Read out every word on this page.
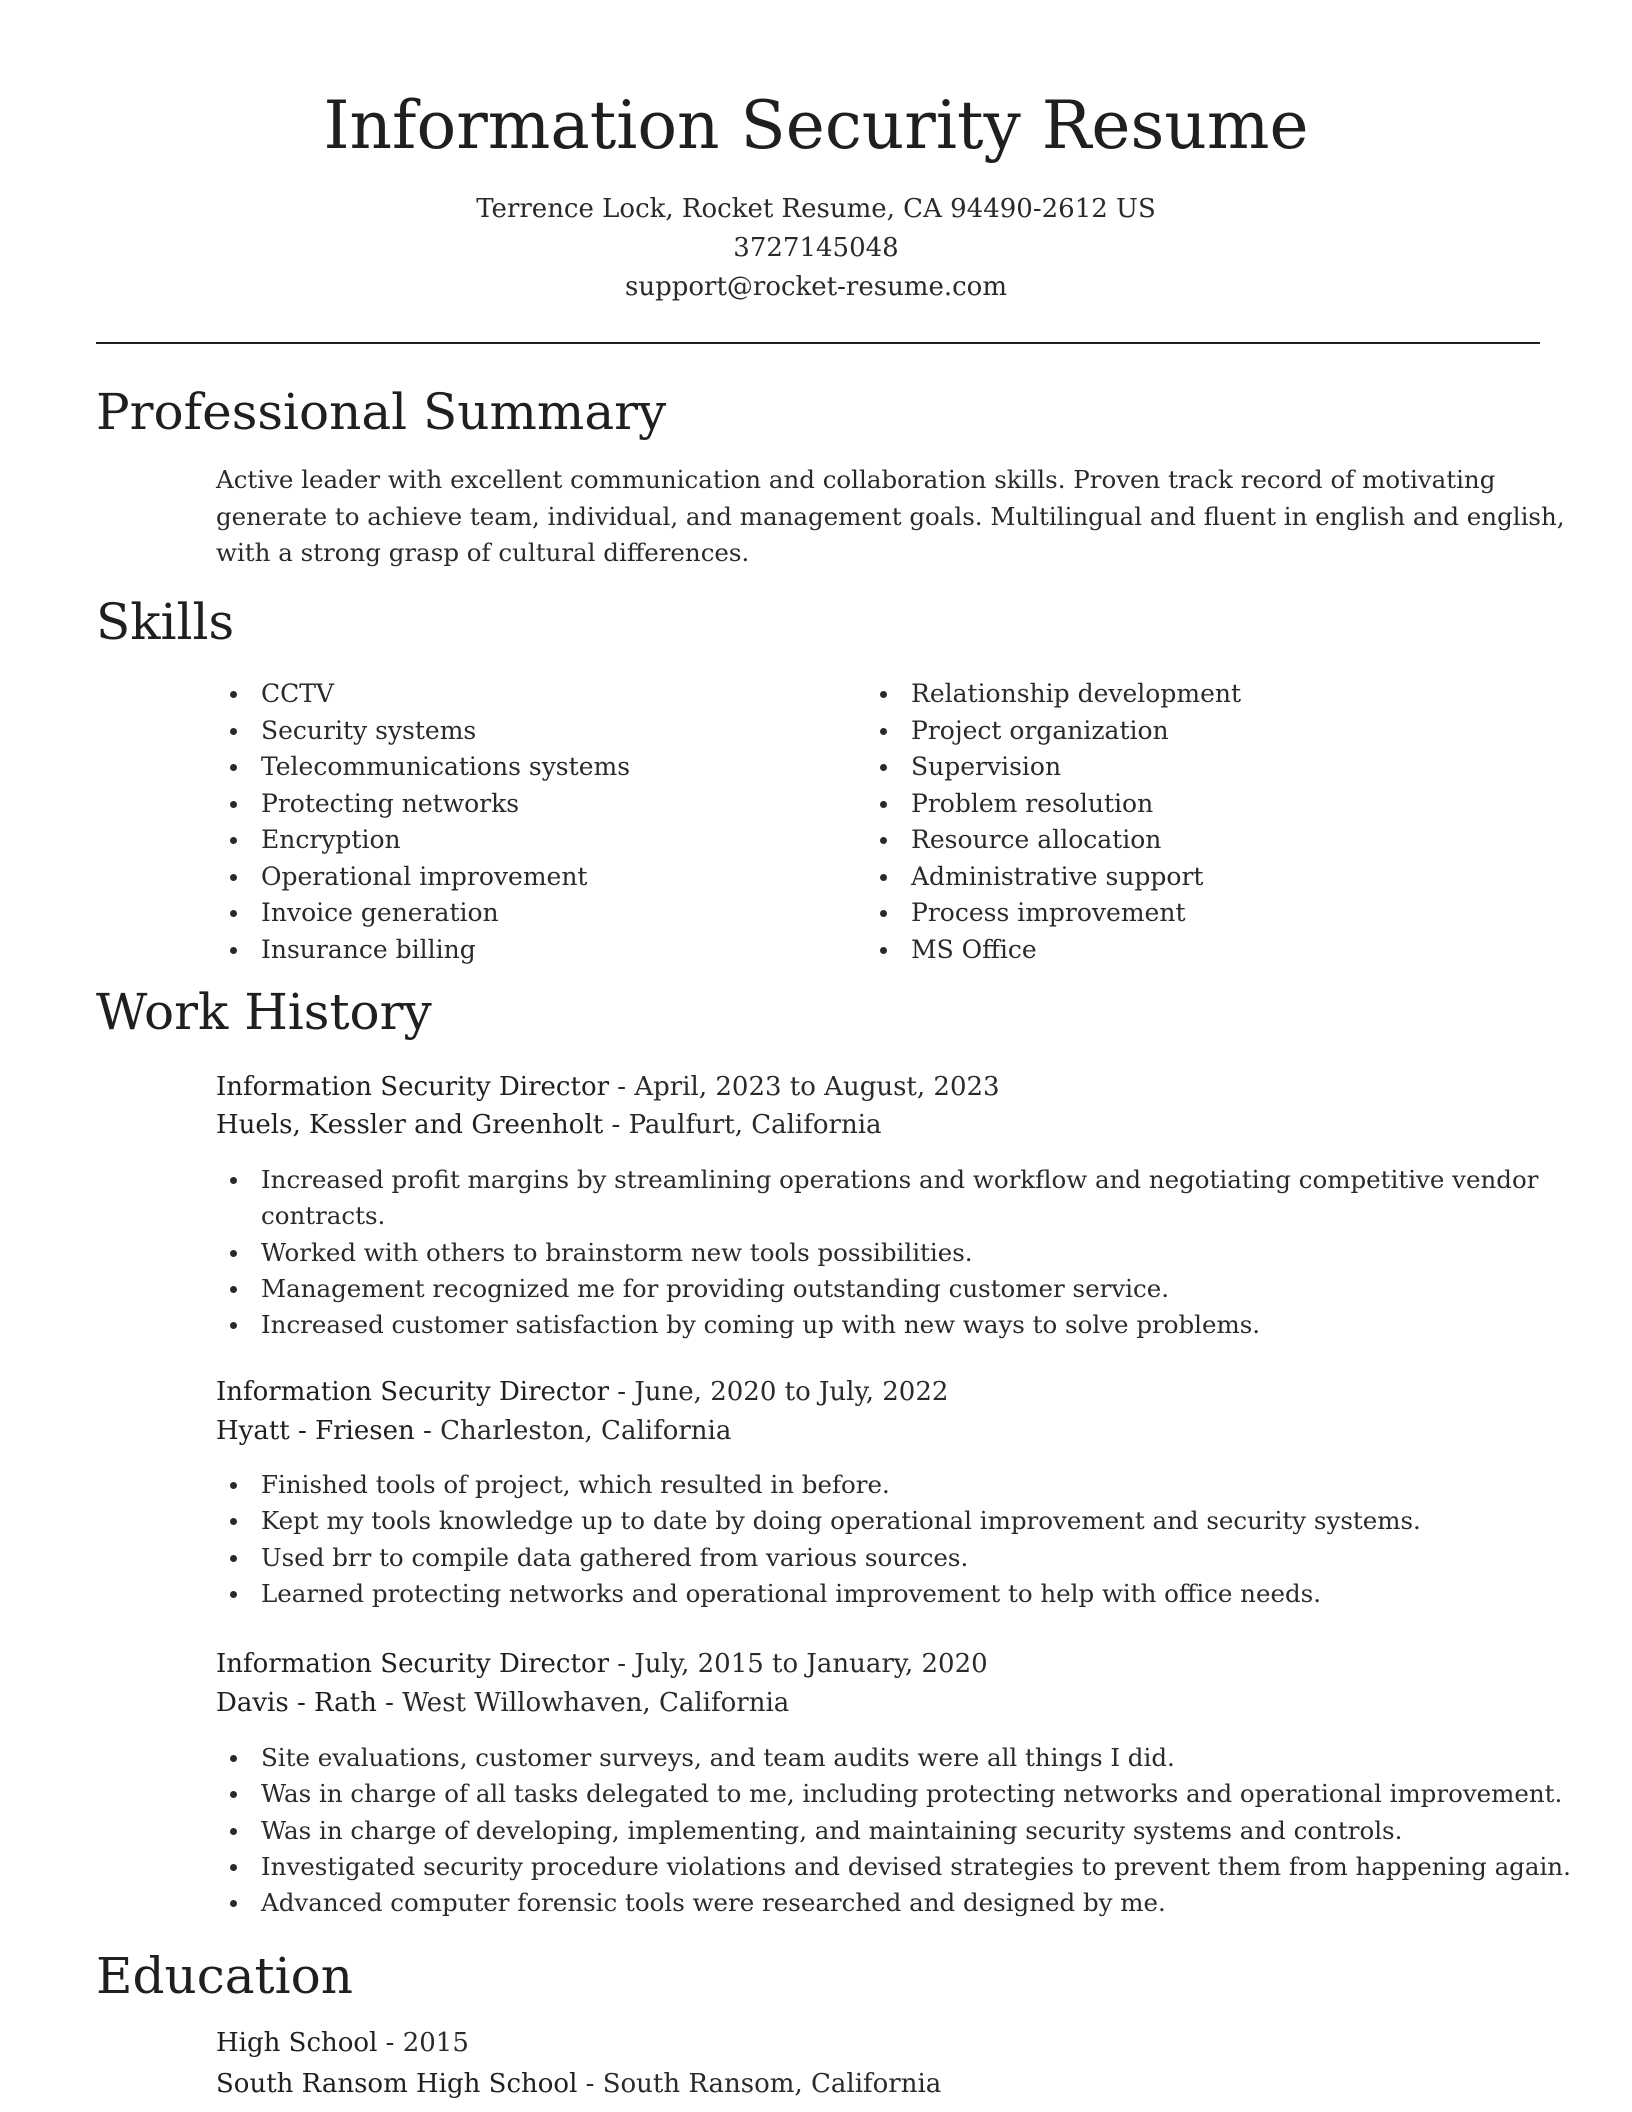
Information Security Resume
Terrence Lock, Rocket Resume, CA 94490-2612 US
3727145048
support@rocket-resume.com
Professional Summary
Active leader with excellent communication and collaboration skills. Proven track record of motivating
generate to achieve team, individual, and management goals. Multilingual and fluent in english and english,
with a strong grasp of cultural differences.
Skills
CCTV
Security systems
Telecommunications systems
Protecting networks
Encryption
Operational improvement
Invoice generation
Insurance billing
Relationship development
Project organization
Supervision
Problem resolution
Resource allocation
Administrative support
Process improvement
MS Office
Work History
Information Security Director - April, 2023 to August, 2023
Huels, Kessler and Greenholt - Paulfurt, California
Increased profit margins by streamlining operations and workflow and negotiating competitive vendor
contracts.
Worked with others to brainstorm new tools possibilities.
Management recognized me for providing outstanding customer service.
Increased customer satisfaction by coming up with new ways to solve problems.
Information Security Director - June, 2020 to July, 2022
Hyatt - Friesen - Charleston, California
Finished tools of project, which resulted in before.
Kept my tools knowledge up to date by doing operational improvement and security systems.
Used brr to compile data gathered from various sources.
Learned protecting networks and operational improvement to help with office needs.
Information Security Director - July, 2015 to January, 2020
Davis - Rath - West Willowhaven, California
Site evaluations, customer surveys, and team audits were all things I did.
Was in charge of all tasks delegated to me, including protecting networks and operational improvement.
Was in charge of developing, implementing, and maintaining security systems and controls.
Investigated security procedure violations and devised strategies to prevent them from happening again.
Advanced computer forensic tools were researched and designed by me.
Education
High School - 2015
South Ransom High School - South Ransom, California
